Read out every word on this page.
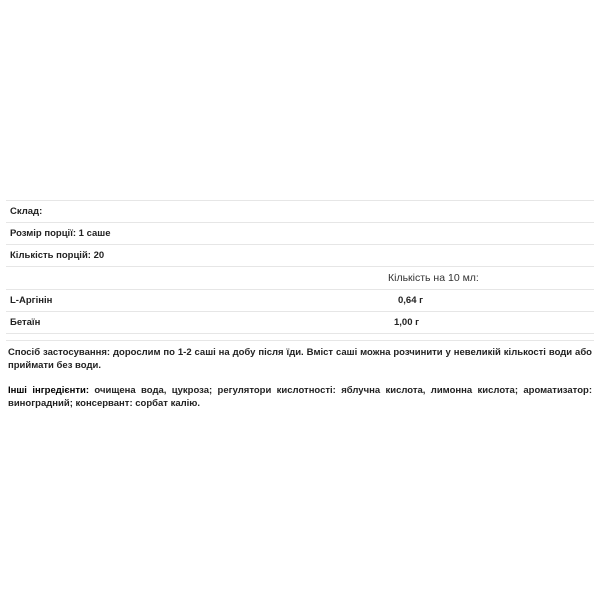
Склад:
Розмір порції: 1 саше
Кількість порцій: 20
Кількість на 10 мл:
L-Аргінін	0,64 г
Бетаїн	1,00 г
Спосіб застосування: дорослим по 1-2 саші на добу після їди. Вміст саші можна розчинити у невеликій кількості води або приймати без води.
Інші інгредієнти: очищена вода, цукроза; регулятори кислотності: яблучна кислота, лимонна кислота; ароматизатор: виноградний; консервант: сорбат калію.
